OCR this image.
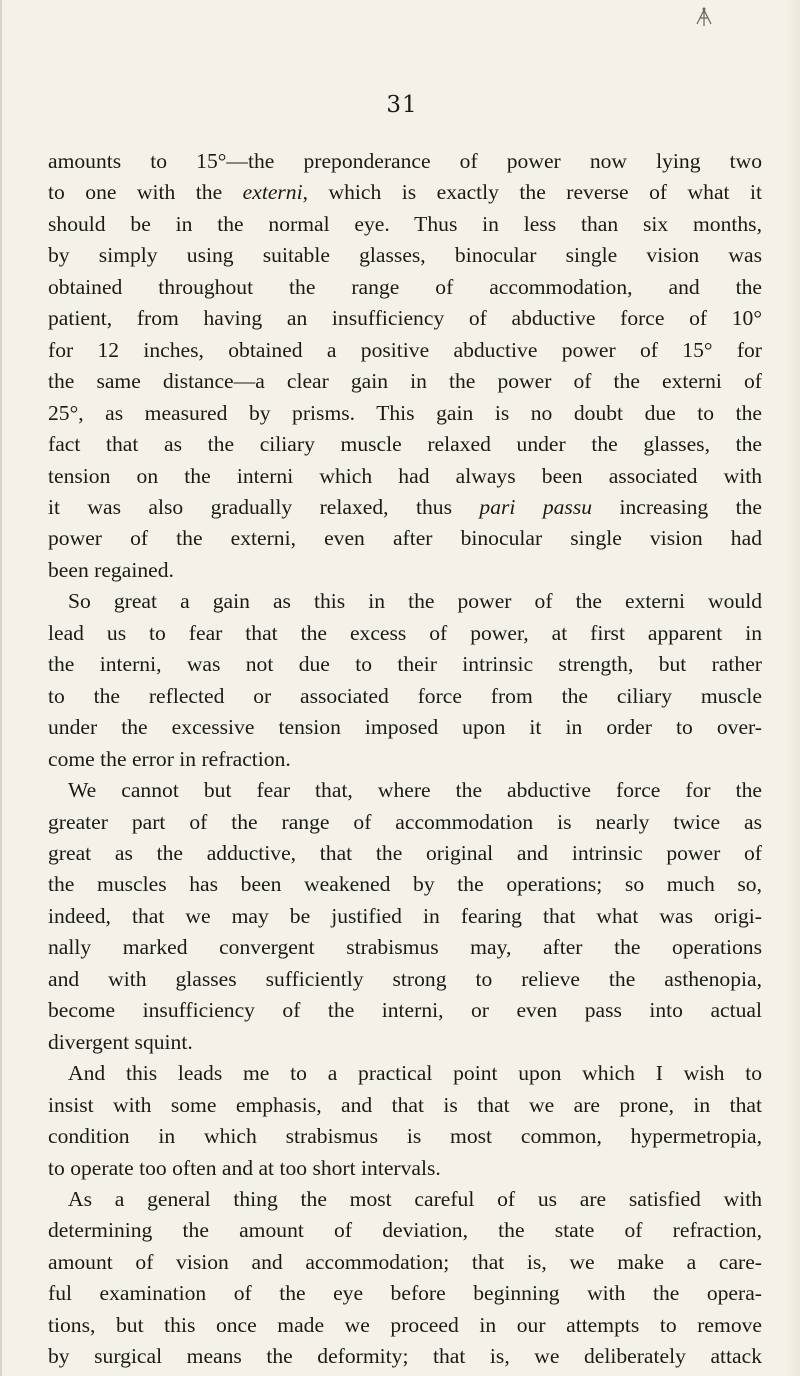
31
amounts to 15°—the preponderance of power now lying two
to one with the externi, which is exactly the reverse of what it
should be in the normal eye. Thus in less than six months,
by simply using suitable glasses, binocular single vision was
obtained throughout the range of accommodation, and the
patient, from having an insufficiency of abductive force of 10°
for 12 inches, obtained a positive abductive power of 15° for
the same distance—a clear gain in the power of the externi of
25°, as measured by prisms. This gain is no doubt due to the
fact that as the ciliary muscle relaxed under the glasses, the
tension on the interni which had always been associated with
it was also gradually relaxed, thus pari passu increasing the
power of the externi, even after binocular single vision had
been regained.
So great a gain as this in the power of the externi would
lead us to fear that the excess of power, at first apparent in
the interni, was not due to their intrinsic strength, but rather
to the reflected or associated force from the ciliary muscle
under the excessive tension imposed upon it in order to over-
come the error in refraction.
We cannot but fear that, where the abductive force for the
greater part of the range of accommodation is nearly twice as
great as the adductive, that the original and intrinsic power of
the muscles has been weakened by the operations; so much so,
indeed, that we may be justified in fearing that what was origi-
nally marked convergent strabismus may, after the operations
and with glasses sufficiently strong to relieve the asthenopia,
become insufficiency of the interni, or even pass into actual
divergent squint.
And this leads me to a practical point upon which I wish to
insist with some emphasis, and that is that we are prone, in that
condition in which strabismus is most common, hypermetropia,
to operate too often and at too short intervals.
As a general thing the most careful of us are satisfied with
determining the amount of deviation, the state of refraction,
amount of vision and accommodation; that is, we make a care-
ful examination of the eye before beginning with the opera-
tions, but this once made we proceed in our attempts to remove
by surgical means the deformity; that is, we deliberately attack
